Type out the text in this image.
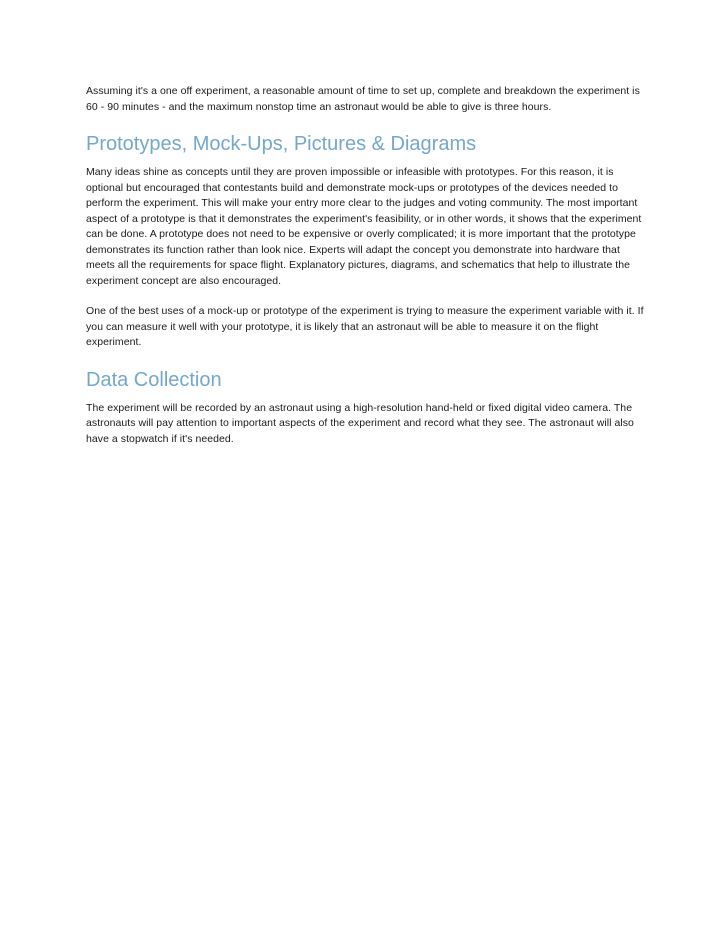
Assuming it's a one off experiment, a reasonable amount of time to set up, complete and breakdown the experiment is 60 - 90 minutes - and the maximum nonstop time an astronaut would be able to give is three hours.

Prototypes, Mock-Ups, Pictures & Diagrams

Many ideas shine as concepts until they are proven impossible or infeasible with prototypes. For this reason, it is optional but encouraged that contestants build and demonstrate mock-ups or prototypes of the devices needed to perform the experiment. This will make your entry more clear to the judges and voting community. The most important aspect of a prototype is that it demonstrates the experiment's feasibility, or in other words, it shows that the experiment can be done. A prototype does not need to be expensive or overly complicated; it is more important that the prototype demonstrates its function rather than look nice. Experts will adapt the concept you demonstrate into hardware that meets all the requirements for space flight. Explanatory pictures, diagrams, and schematics that help to illustrate the experiment concept are also encouraged.

One of the best uses of a mock-up or prototype of the experiment is trying to measure the experiment variable with it. If you can measure it well with your prototype, it is likely that an astronaut will be able to measure it on the flight experiment.

Data Collection

The experiment will be recorded by an astronaut using a high-resolution hand-held or fixed digital video camera. The astronauts will pay attention to important aspects of the experiment and record what they see. The astronaut will also have a stopwatch if it's needed.
